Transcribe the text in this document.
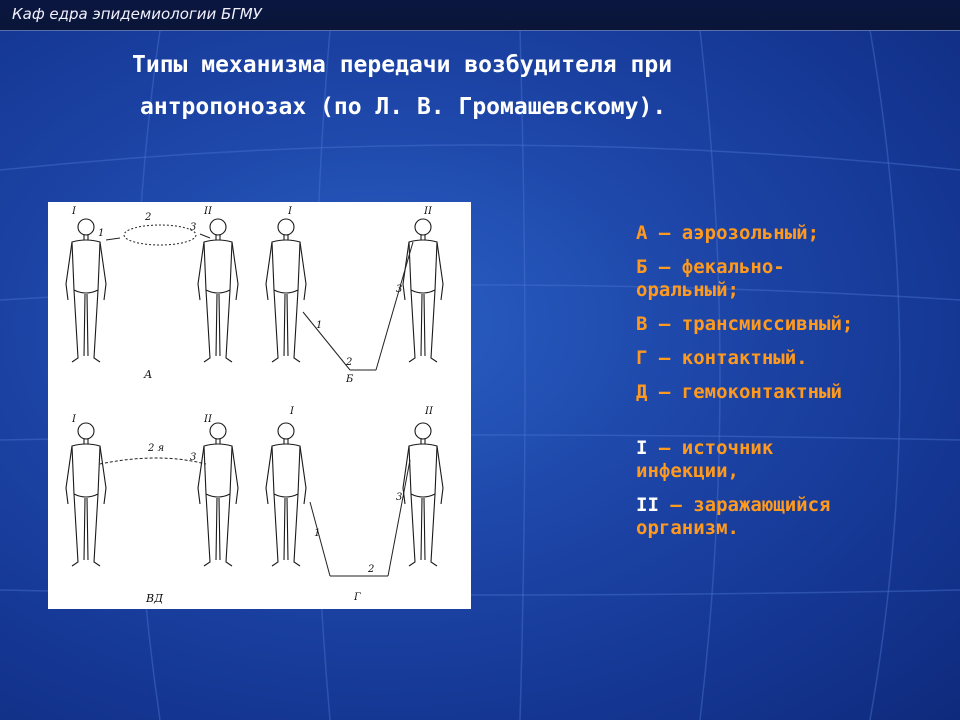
Каф едра эпидемиологии БГМУ
Типы механизма передачи возбудителя при
антропонозах (по Л. В. Громашевскому).
I	II
1
2
3
А
I	II
1
2
3
Б
I	II
2 я
3
ВД
I	II
1
2
3
Г
А — аэрозольный;
Б — фекально-
оральный;
В — трансмиссивный;
Г — контактный.
Д — гемоконтактный
I — источник
инфекции,
II — заражающийся
организм.
